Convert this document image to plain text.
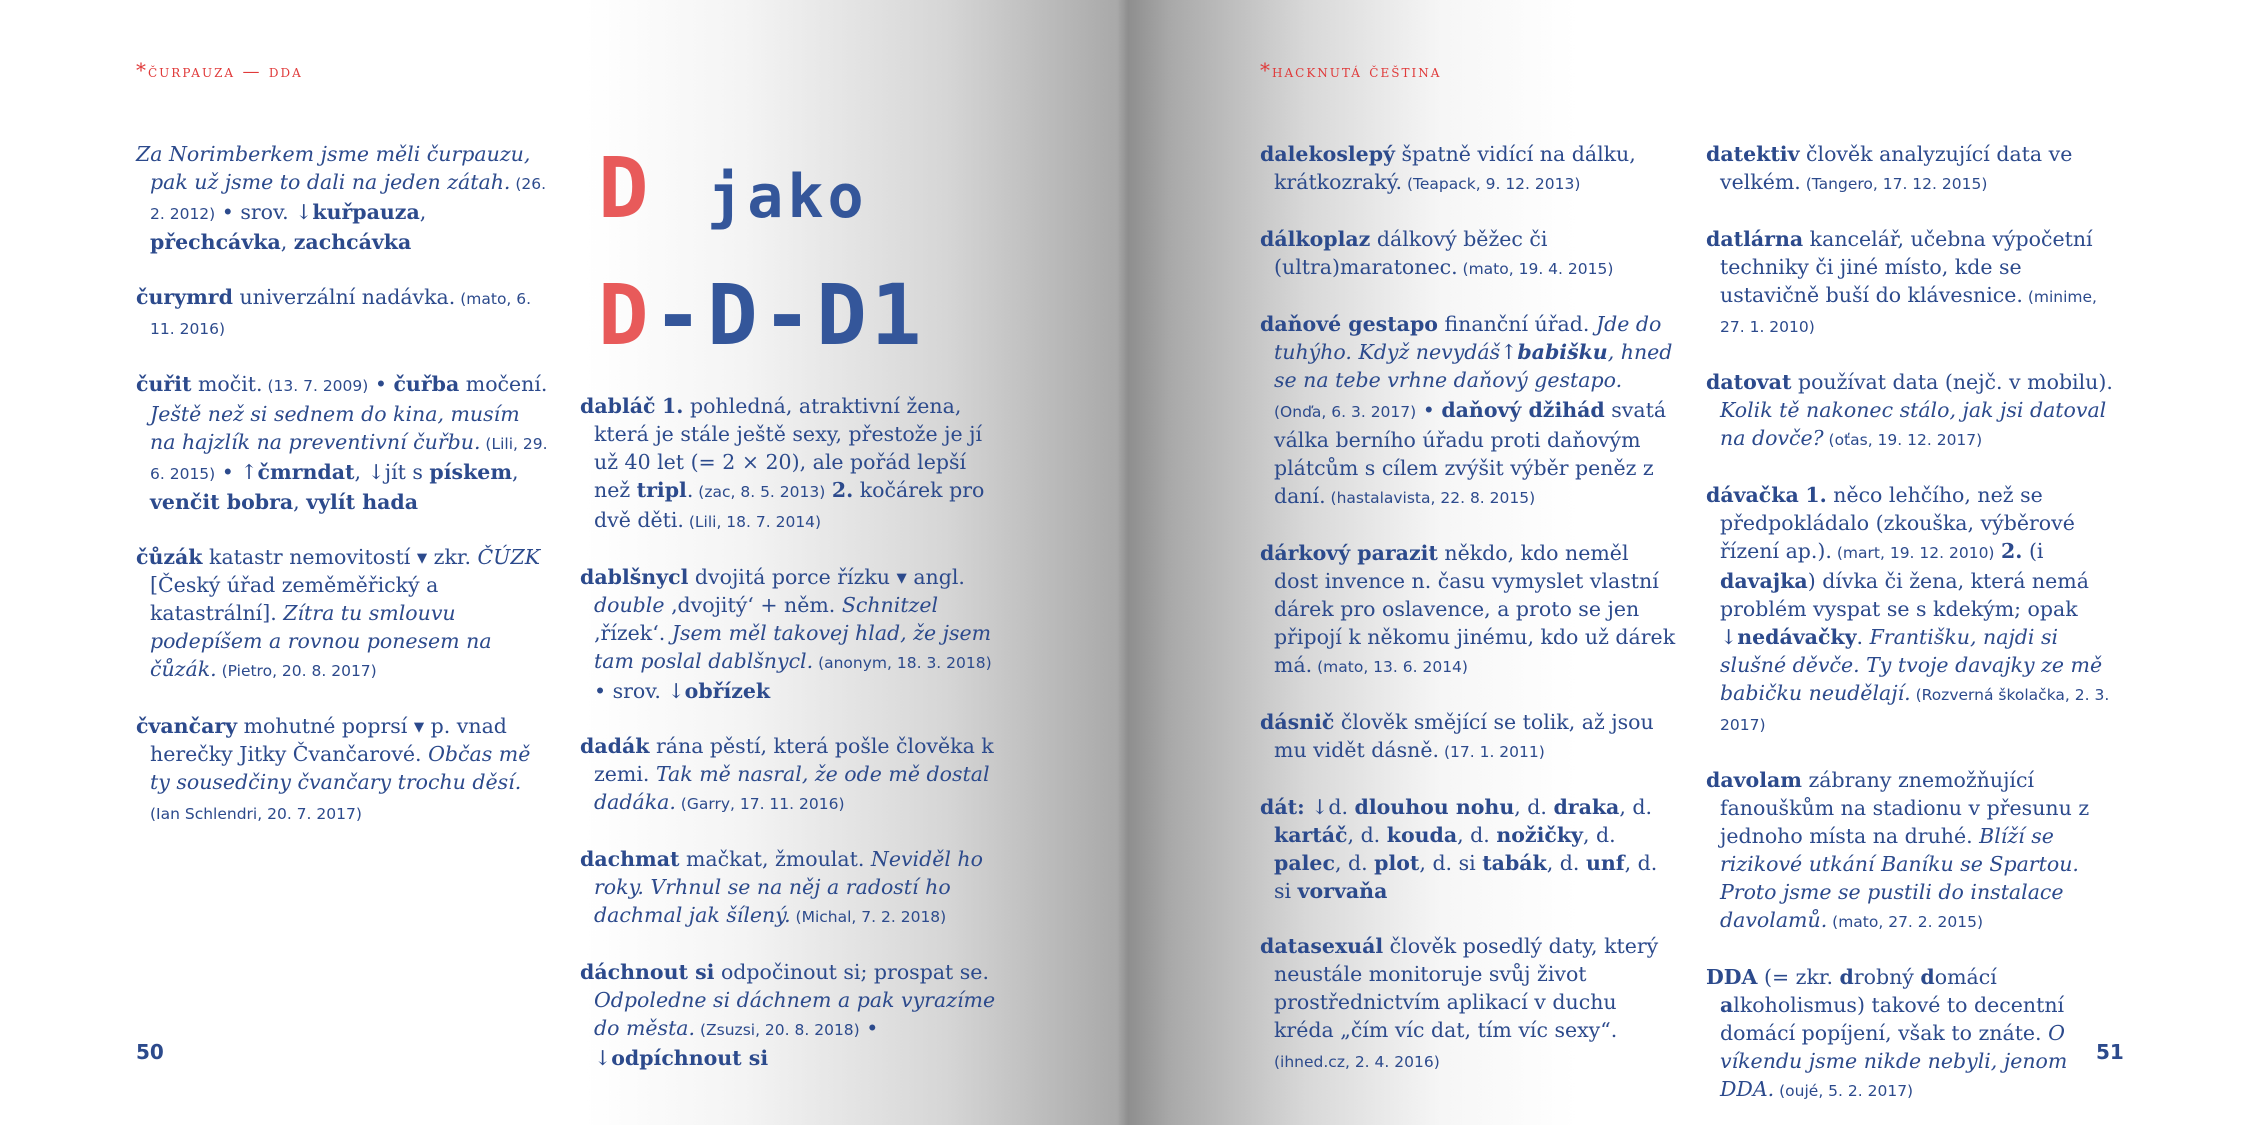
*čurpauza — dda

Za Norimberkem jsme měli čurpauzu, pak už jsme to dali na jeden zátah. (26. 2. 2012) • srov. ↓kuřpauza, přechcávka, zachcávka

čurymrd univerzální nadávka. (mato, 6. 11. 2016)

čuřit močit. (13. 7. 2009) • čuřba močení. Ještě než si sednem do kina, musím na hajzlík na preventivní čuřbu. (Lili, 29. 6. 2015) • ↑čmrndat, ↓jít s pískem, venčit bobra, vylít hada

čůzák katastr nemovitostí ▾ zkr. ČÚZK [Český úřad zeměměřický a katastrální]. Zítra tu smlouvu podepíšem a rovnou ponesem na čůzák. (Pietro, 20. 8. 2017)

čvančary mohutné poprsí ▾ p. vnad herečky Jitky Čvančarové. Občas mě ty sousedčiny čvančary trochu děsí. (Ian Schlendri, 20. 7. 2017)

D jako
D-D-D1

dabláč 1. pohledná, atraktivní žena, která je stále ještě sexy, přestože je jí už 40 let (= 2 × 20), ale pořád lepší než tripl. (zac, 8. 5. 2013) 2. kočárek pro dvě děti. (Lili, 18. 7. 2014)

dablšnycl dvojitá porce řízku ▾ angl. double ‚dvojitý‘ + něm. Schnitzel ‚řízek‘. Jsem měl takovej hlad, že jsem tam poslal dablšnycl. (anonym, 18. 3. 2018) • srov. ↓obřízek

dadák rána pěstí, která pošle člověka k zemi. Tak mě nasral, že ode mě dostal dadáka. (Garry, 17. 11. 2016)

dachmat mačkat, žmoulat. Neviděl ho roky. Vrhnul se na něj a radostí ho dachmal jak šílený. (Michal, 7. 2. 2018)

dáchnout si odpočinout si; prospat se. Odpoledne si dáchnem a pak vyrazíme do města. (Zsuzsi, 20. 8. 2018) • ↓odpíchnout si

50
*hacknutá čeština

dalekoslepý špatně vidící na dálku, krátkozraký. (Teapack, 9. 12. 2013)

dálkoplaz dálkový běžec či (ultra)maratonec. (mato, 19. 4. 2015)

daňové gestapo finanční úřad. Jde do tuhýho. Když nevydáš↑babišku, hned se na tebe vrhne daňový gestapo. (Onďa, 6. 3. 2017) • daňový džihád svatá válka berního úřadu proti daňovým plátcům s cílem zvýšit výběr peněz z daní. (hastalavista, 22. 8. 2015)

dárkový parazit někdo, kdo neměl dost invence n. času vymyslet vlastní dárek pro oslavence, a proto se jen připojí k někomu jinému, kdo už dárek má. (mato, 13. 6. 2014)

dásnič člověk smějící se tolik, až jsou mu vidět dásně. (17. 1. 2011)

dát: ↓d. dlouhou nohu, d. draka, d. kartáč, d. kouda, d. nožičky, d. palec, d. plot, d. si tabák, d. unf, d. si vorvaňa

datasexuál člověk posedlý daty, který neustále monitoruje svůj život prostřednictvím aplikací v duchu kréda „čím víc dat, tím víc sexy“. (ihned.cz, 2. 4. 2016)

datektiv člověk analyzující data ve velkém. (Tangero, 17. 12. 2015)

datlárna kancelář, učebna výpočetní techniky či jiné místo, kde se ustavičně buší do klávesnice. (minime, 27. 1. 2010)

datovat používat data (nejč. v mobilu). Kolik tě nakonec stálo, jak jsi datoval na dovče? (oťas, 19. 12. 2017)

dávačka 1. něco lehčího, než se předpokládalo (zkouška, výběrové řízení ap.). (mart, 19. 12. 2010) 2. (i davajka) dívka či žena, která nemá problém vyspat se s kdekým; opak ↓nedávačky. Františku, najdi si slušné děvče. Ty tvoje davajky ze mě babičku neudělají. (Rozverná školačka, 2. 3. 2017)

davolam zábrany znemožňující fanouškům na stadionu v přesunu z jednoho místa na druhé. Blíží se rizikové utkání Baníku se Spartou. Proto jsme se pustili do instalace davolamů. (mato, 27. 2. 2015)

DDA (= zkr. drobný domácí alkoholismus) takové to decentní domácí popíjení, však to znáte. O víkendu jsme nikde nebyli, jenom DDA. (oujé, 5. 2. 2017)

51
